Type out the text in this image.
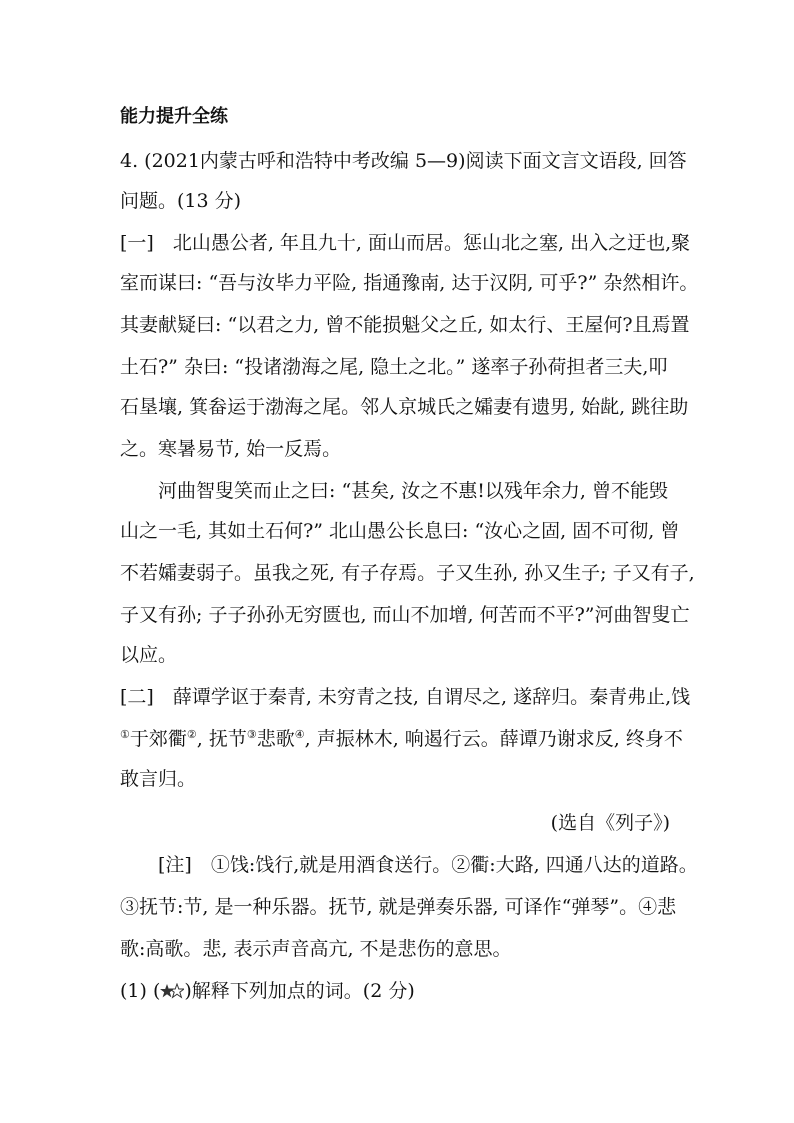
能力提升全练
4. (2021内蒙古呼和浩特中考改编 5—9)阅读下面文言文语段, 回答
问题。(13 分)
[一]　北山愚公者, 年且九十, 面山而居。惩山北之塞, 出入之迂也,聚
室而谋曰: “吾与汝毕力平险, 指通豫南, 达于汉阴, 可乎?” 杂然相许。
其妻献疑曰: “以君之力, 曾不能损魁父之丘, 如太行、王屋何?且焉置
土石?” 杂曰: “投诸渤海之尾, 隐土之北。” 遂率子孙荷担者三夫,叩
石垦壤, 箕畚运于渤海之尾。邻人京城氏之孀妻有遗男, 始龀, 跳往助
之。寒暑易节, 始一反焉。
河曲智叟笑而止之曰: “甚矣, 汝之不惠!以残年余力, 曾不能毁
山之一毛, 其如土石何?” 北山愚公长息曰: “汝心之固, 固不可彻, 曾
不若孀妻弱子。虽我之死, 有子存焉。子又生孙, 孙又生子; 子又有子,
子又有孙; 子子孙孙无穷匮也, 而山不加增, 何苦而不平?”河曲智叟亡
以应。
[二]　薛谭学讴于秦青, 未穷青之技, 自谓尽之, 遂辞归。秦青弗止,饯
①于郊衢②, 抚节③悲歌④, 声振林木, 响遏行云。薛谭乃谢求反, 终身不
敢言归。
(选自《列子》)
[注]　①饯:饯行,就是用酒食送行。②衢:大路, 四通八达的道路。
③抚节:节, 是一种乐器。抚节, 就是弹奏乐器, 可译作“弹琴”。④悲
歌:高歌。悲, 表示声音高亢, 不是悲伤的意思。
(1) ( )解释下列加点的词。(2 分)
